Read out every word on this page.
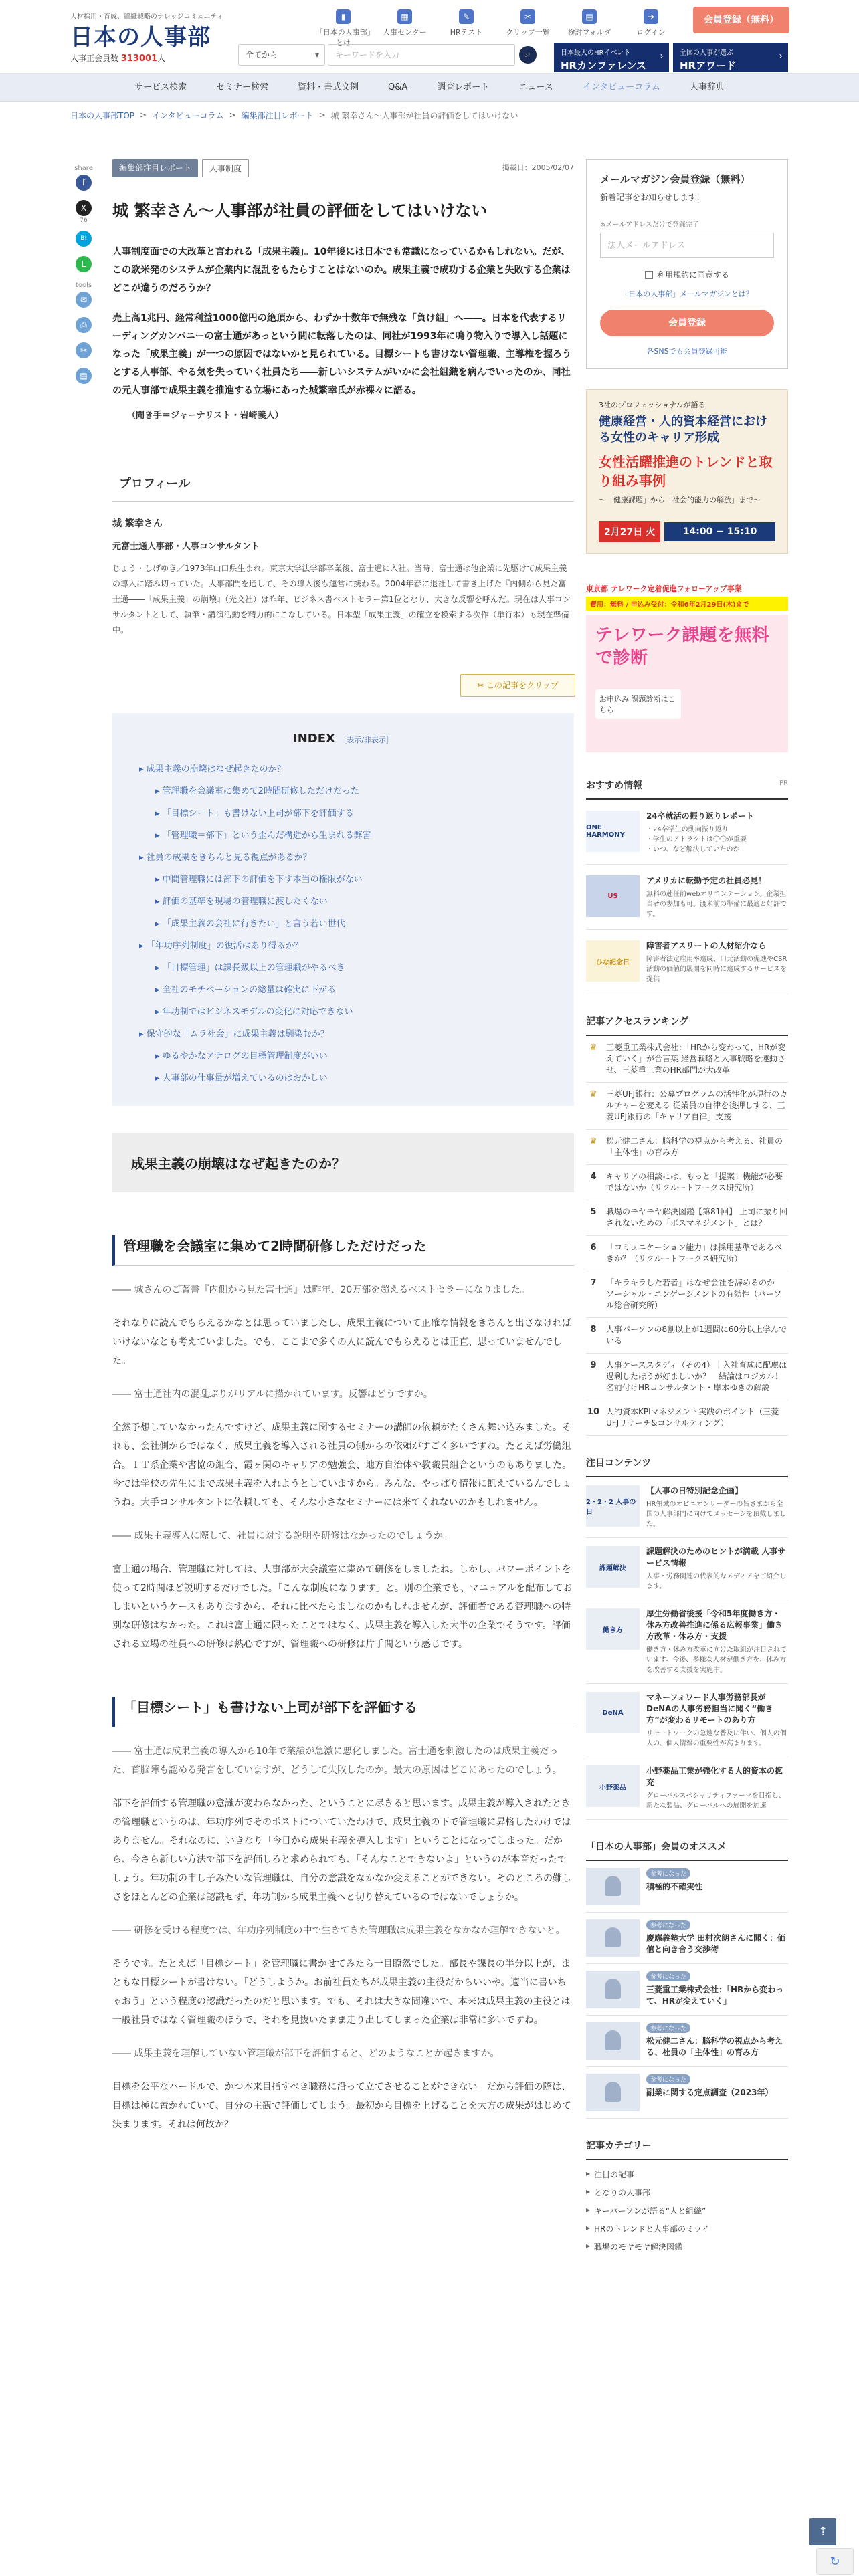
人材採用・育成、組織戦略のナレッジコミュニティ
日本の人事部
人事正会員数 313001人
▮
「日本の人事部」とは
▦
人事センター
✎
HRテスト
✂
クリップ一覧
▤
検討フォルダ
➜
ログイン
会員登録（無料）
全てから ▾	キーワードを入力	⌕	日本最大のHRイベント
HRカンファレンス
› 全国の人事が選ぶ
HRアワード
›
サービス検索	セミナー検索	資料・書式文例	Q&A	調査レポート	ニュース	インタビューコラム	人事辞典
日本の人事部TOP > インタビューコラム > 編集部注目レポート > 城 繁幸さん〜人事部が社員の評価をしてはいけない
share
f
X
76
B!
L
tools
✉
⎙
✂
▤
編集部注目レポート	人事制度	掲載日：2005/02/07
城 繁幸さん〜人事部が社員の評価をしてはいけない

人事制度面での大改革と言われる「成果主義」。10年後には日本でも常識になっているかもしれない。だが、この欧米発のシステムが企業内に混乱をもたらすことはないのか。成果主義で成功する企業と失敗する企業はどこが違うのだろうか？

売上高1兆円、経常利益1000億円の絶頂から、わずか十数年で無残な「負け組」へ――。日本を代表するリーディングカンパニーの富士通があっという間に転落したのは、同社が1993年に鳴り物入りで導入し話題になった「成果主義」が一つの原因ではないかと見られている。目標シートも書けない管理職、主導権を握ろうとする人事部、やる気を失っていく社員たち――新しいシステムがいかに会社組織を病んでいったのか、同社の元人事部で成果主義を推進する立場にあった城繁幸氏が赤裸々に語る。

（聞き手＝ジャーナリスト・岩崎義人）
プロフィール
城 繁幸さん
元富士通人事部・人事コンサルタント
じょう・しげゆき／1973年山口県生まれ。東京大学法学部卒業後、富士通に入社。当時、富士通は他企業に先駆けて成果主義の導入に踏み切っていた。人事部門を通して、その導入後も運営に携わる。2004年春に退社して書き上げた『内側から見た富士通――「成果主義」の崩壊』（光文社）は昨年、ビジネス書ベストセラー第1位となり、大きな反響を呼んだ。現在は人事コンサルタントとして、執筆・講演活動を精力的にこなしている。日本型「成果主義」の確立を模索する次作（単行本）も現在準備中。
✂ この記事をクリップ
INDEX ［表示/非表示］
▸ 成果主義の崩壊はなぜ起きたのか？
▸ 管理職を会議室に集めて2時間研修しただけだった
▸ 「目標シート」も書けない上司が部下を評価する
▸ 「管理職＝部下」という歪んだ構造から生まれる弊害
▸ 社員の成果をきちんと見る視点があるか？
▸ 中間管理職には部下の評価を下す本当の権限がない
▸ 評価の基準を現場の管理職に渡したくない
▸ 「成果主義の会社に行きたい」と言う若い世代
▸ 「年功序列制度」の復活はあり得るか？
▸ 「目標管理」は課長級以上の管理職がやるべき
▸ 全社のモチベーションの総量は確実に下がる
▸ 年功制ではビジネスモデルの変化に対応できない
▸ 保守的な「ムラ社会」に成果主義は馴染むか？
▸ ゆるやかなアナログの目標管理制度がいい
▸ 人事部の仕事量が増えているのはおかしい
成果主義の崩壊はなぜ起きたのか？
管理職を会議室に集めて2時間研修しただけだった

―― 城さんのご著書『内側から見た富士通』は昨年、20万部を超えるベストセラーになりました。

それなりに読んでもらえるかなとは思っていましたし、成果主義について正確な情報をきちんと出さなければいけないなとも考えていました。でも、ここまで多くの人に読んでもらえるとは正直、思っていませんでした。

―― 富士通社内の混乱ぶりがリアルに描かれています。反響はどうですか。

全然予想していなかったんですけど、成果主義に関するセミナーの講師の依頼がたくさん舞い込みました。それも、会社側からではなく、成果主義を導入される社員の側からの依頼がすごく多いですね。たとえば労働組合。ＩＴ系企業や書協の組合、霞ヶ関のキャリアの勉強会、地方自治体や教職員組合というのもありました。今では学校の先生にまで成果主義を入れようとしていますから。みんな、やっぱり情報に飢えているんでしょうね。大手コンサルタントに依頼しても、そんな小さなセミナーには来てくれないのかもしれません。

―― 成果主義導入に際して、社員に対する説明や研修はなかったのでしょうか。

富士通の場合、管理職に対しては、人事部が大会議室に集めて研修をしましたね。しかし、パワーポイントを使って2時間ほど説明するだけでした。「こんな制度になります」と。別の企業でも、マニュアルを配布しておしまいというケースもありますから、それに比べたらましなのかもしれませんが、評価者である管理職への特別な研修はなかった。これは富士通に限ったことではなく、成果主義を導入した大半の企業でそうです。評価される立場の社員への研修は熱心ですが、管理職への研修は片手間という感じです。

「目標シート」も書けない上司が部下を評価する

―― 富士通は成果主義の導入から10年で業績が急激に悪化しました。富士通を刺激したのは成果主義だった、首脳陣も認める発言をしていますが、どうして失敗したのか。最大の原因はどこにあったのでしょう。

部下を評価する管理職の意識が変わらなかった、ということに尽きると思います。成果主義が導入されたときの管理職というのは、年功序列でそのポストについていたわけで、成果主義の下で管理職に昇格したわけではありません。それなのに、いきなり「今日から成果主義を導入します」ということになってしまった。だから、今さら新しい方法で部下を評価しろと求められても、「そんなことできないよ」というのが本音だったでしょう。年功制の申し子みたいな管理職は、自分の意識をなかなか変えることができない。そのところの難しさをほとんどの企業は認識せず、年功制から成果主義へと切り替えているのではないでしょうか。

―― 研修を受ける程度では、年功序列制度の中で生きてきた管理職は成果主義をなかなか理解できないと。

そうです。たとえば「目標シート」を管理職に書かせてみたら一目瞭然でした。部長や課長の半分以上が、まともな目標シートが書けない。「どうしようか。お前社員たちが成果主義の主役だからいいや。適当に書いちゃおう」という程度の認識だったのだと思います。でも、それは大きな間違いで、本来は成果主義の主役とは一般社員ではなく管理職のほうで、それを見抜いたまま走り出してしまった企業は非常に多いですね。

―― 成果主義を理解していない管理職が部下を評価すると、どのようなことが起きますか。

目標を公平なハードルで、かつ本来目指すべき職務に沿って立てさせることができない。だから評価の際は、目標は極に置かれていて、自分の主観で評価してしまう。最初から目標を上げることを大方の成果がはじめて決まります。それは何故か？

メールマガジン会員登録（無料）
新着記事をお知らせします！
※メールアドレスだけで登録完了
法人メールアドレス
利用規約に同意する
「日本の人事部」メールマガジンとは？
会員登録
各SNSでも会員登録可能
3社のプロフェッショナルが語る
健康経営・人的資本経営における女性のキャリア形成
女性活躍推進のトレンドと取り組み事例
〜「健康課題」から「社会的能力の解放」まで〜
2月27日 火	14:00 − 15:10
東京都 テレワーク定着促進フォローアップ事業
費用：無料 / 申込み受付：令和6年2月29日(木)まで
テレワーク課題を無料で診断
お申込み 課題診断はこちら
おすすめ情報	PR
ONE HARMONY
24卒就活の振り返りレポート
・24卒学生の動向振り返り
・学生のアトラクトは〇〇が重要
・いつ、など解決していたのか
US
アメリカに転勤予定の社員必見！
無料の赴任前webオリエンテーション。企業担当者の参加も可。渡米前の準備に最適と好評です。
ひな記念日
障害者アスリートの人材紹介なら
障害者法定雇用率達成、口元活動の促進やCSR活動の価値的展開を同時に達成するサービスを提供
記事アクセスランキング
♛	三菱重工業株式会社：「HRから変わって、HRが変えていく」が合言葉 経営戦略と人事戦略を連動させ、三菱重工業のHR部門が大改革
♛	三菱UFJ銀行：公募プログラムの活性化が現行のカルチャーを変える 従業員の自律を後押しする、三菱UFJ銀行の「キャリア自律」支援
♛	松元健二さん：脳科学の視点から考える、社員の「主体性」の育み方
4	キャリアの相談には、もっと「提案」機能が必要ではないか（リクルートワークス研究所）
5	職場のモヤモヤ解決図鑑【第81回】 上司に振り回されないための「ボスマネジメント」とは？
6	「コミュニケーション能力」は採用基準であるべきか？（リクルートワークス研究所）
7	「キラキラした若者」はなぜ会社を辞めるのか　ソーシャル・エンゲージメントの有効性（パーソル総合研究所）
8	人事パーソンの8割以上が1週間に60分以上学んでいる
9	人事ケーススタディ（その4）｜入社育成に配慮は過剰したほうが好ましいか？　結論はロジカル！　名前付けHRコンサルタント・岸本ゆきの解説
10 人的資本KPIマネジメント実践のポイント（三菱UFJリサーチ&コンサルティング）
注目コンテンツ
2・2・2 人事の日
【人事の日特別記念企画】
HR領域のオピニオンリーダーの皆さまから全国の人事部門に向けてメッセージを頂戴しました。
課題解決
課題解決のためのヒントが満載 人事サービス情報
人事・労務関連の代表的なメディアをご紹介します。
働き方
厚生労働省後援「令和5年度働き方・休み方改善推進に係る広報事業」働き方改革・休み方・支援
働き方・休み方改革に向けた取組が注目されています。今後、多様な人材が働き方を、休み方を改善する支援を実施中。
DeNA
マネーフォワード人事労務部長がDeNAの人事労務担当に聞く“働き方”が変わるリモートのあり方
リモートワークの急速な普及に伴い、個人の個人の、個人情報の重要性が高まります。
小野薬品
小野薬品工業が強化する人的資本の拡充
グローバルスペシャリティファーマを目指し、新たな製品、グローバルへの展開を加速
「日本の人事部」会員のオススメ
参考になった
積極的不確実性
参考になった
慶應義塾大学 田村次朗さんに聞く：価値と向き合う交渉術
参考になった
三菱重工業株式会社：「HRから変わって、HRが変えていく」
参考になった
松元健二さん：脳科学の視点から考える、社員の「主体性」の育み方
参考になった
副業に関する定点調査（2023年）
記事カテゴリー
▸ 注目の記事
▸ となりの人事部
▸ キーパーソンが語る“人と組織”
▸ HRのトレンドと人事部のミライ
▸ 職場のモヤモヤ解決図鑑
⇡
↻
